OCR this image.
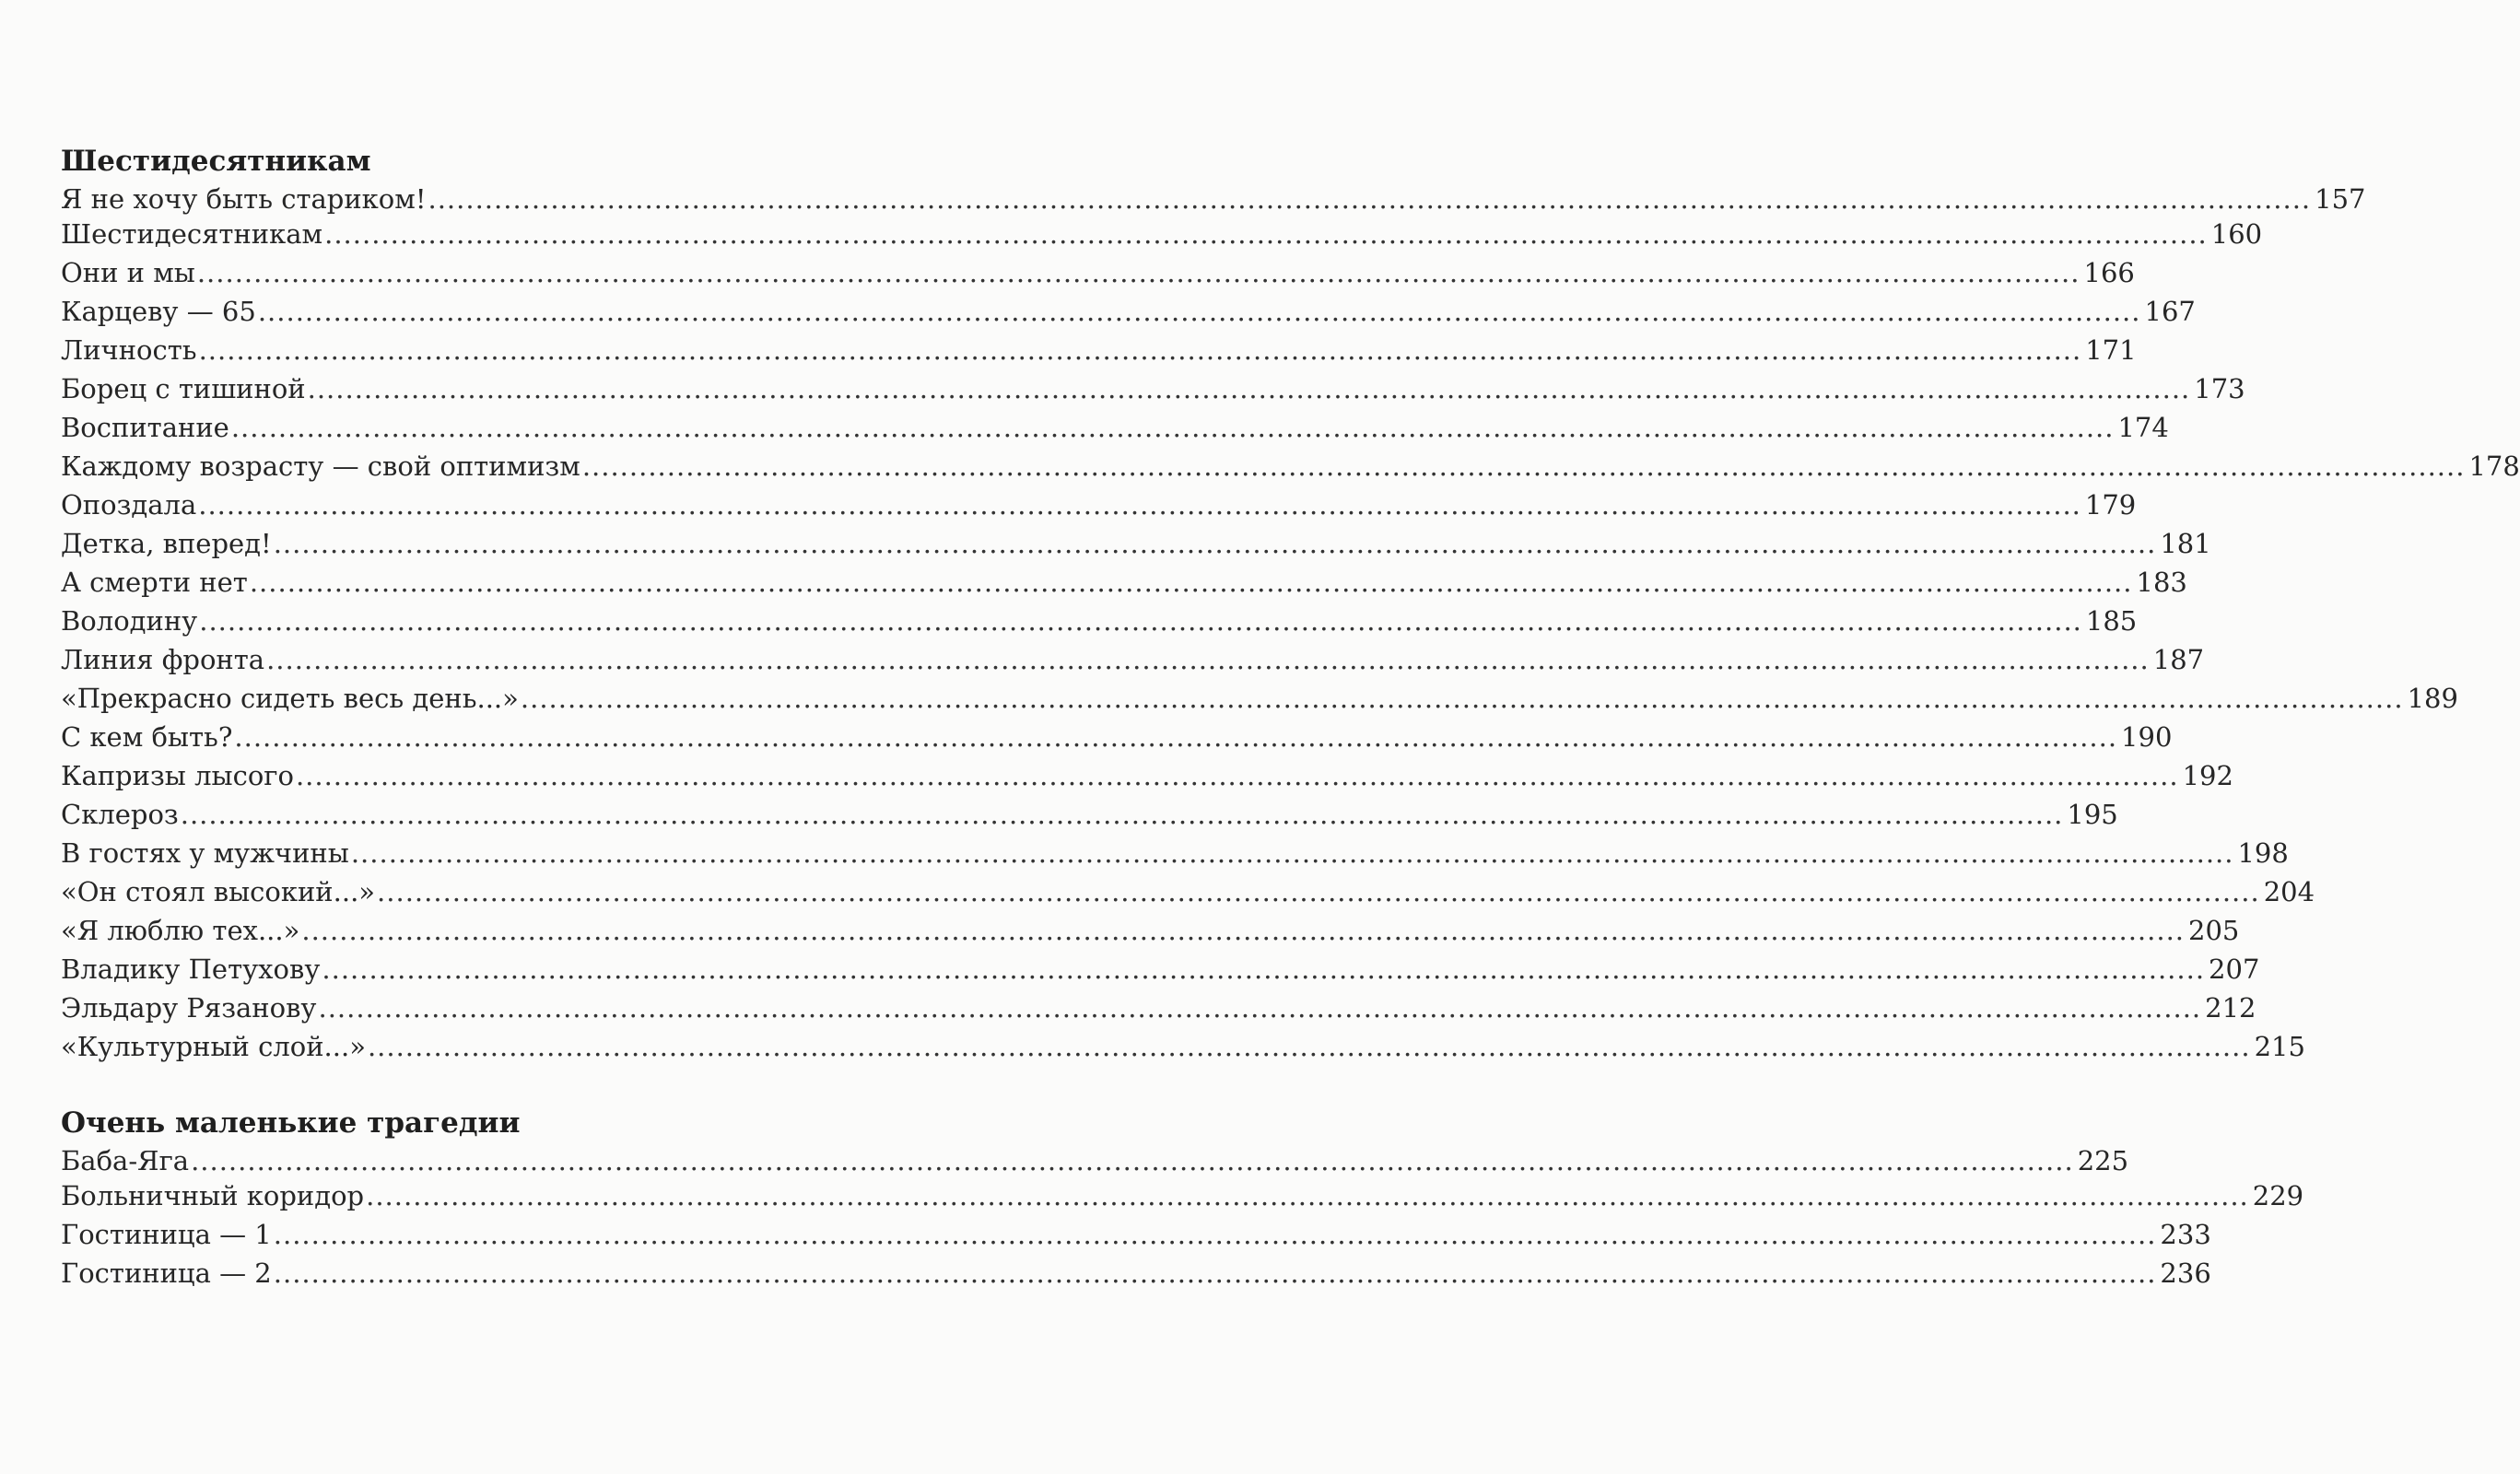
Шестидесятникам
Я не хочу быть стариком! ........................................................................................................................................................................................................ 157
Шестидесятникам ........................................................................................................................................................................................................ 160
Они и мы ........................................................................................................................................................................................................ 166
Карцеву — 65 ........................................................................................................................................................................................................ 167
Личность ........................................................................................................................................................................................................ 171
Борец с тишиной ........................................................................................................................................................................................................ 173
Воспитание ........................................................................................................................................................................................................ 174
Каждому возрасту — свой оптимизм ........................................................................................................................................................................................................ 178
Опоздала ........................................................................................................................................................................................................ 179
Детка, вперед! ........................................................................................................................................................................................................ 181
А смерти нет ........................................................................................................................................................................................................ 183
Володину ........................................................................................................................................................................................................ 185
Линия фронта ........................................................................................................................................................................................................ 187
«Прекрасно сидеть весь день...» ........................................................................................................................................................................................................ 189
С кем быть? ........................................................................................................................................................................................................ 190
Капризы лысого ........................................................................................................................................................................................................ 192
Склероз ........................................................................................................................................................................................................ 195
В гостях у мужчины ........................................................................................................................................................................................................ 198
«Он стоял высокий...» ........................................................................................................................................................................................................ 204
«Я люблю тех...» ........................................................................................................................................................................................................ 205
Владику Петухову ........................................................................................................................................................................................................ 207
Эльдару Рязанову ........................................................................................................................................................................................................ 212
«Культурный слой...» ........................................................................................................................................................................................................ 215
Очень маленькие трагедии
Баба-Яга ........................................................................................................................................................................................................ 225
Больничный коридор ........................................................................................................................................................................................................ 229
Гостиница — 1 ........................................................................................................................................................................................................ 233
Гостиница — 2 ........................................................................................................................................................................................................ 236
